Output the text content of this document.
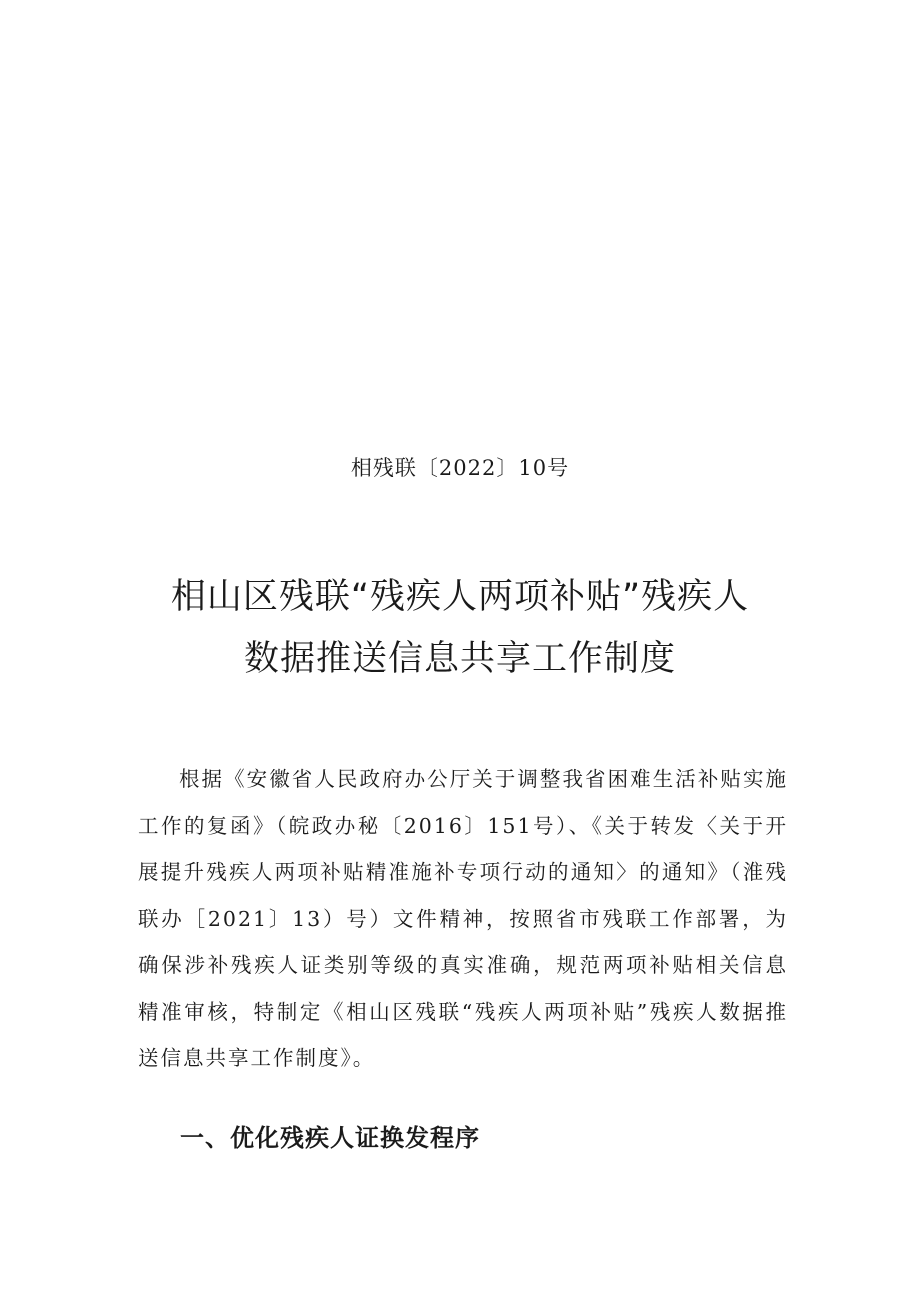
相残联〔2022〕10号
相山区残联“残疾人两项补贴”残疾人
数据推送信息共享工作制度

根据《安徽省人民政府办公厅关于调整我省困难生活补贴实施工作的复函》（皖政办秘〔2016〕151号）、《关于转发〈关于开展提升残疾人两项补贴精准施补专项行动的通知〉的通知》（淮残联办［2021〕13）号）文件精神，按照省市残联工作部署，为确保涉补残疾人证类别等级的真实准确，规范两项补贴相关信息精准审核，特制定《相山区残联“残疾人两项补贴”残疾人数据推送信息共享工作制度》。

一、优化残疾人证换发程序
